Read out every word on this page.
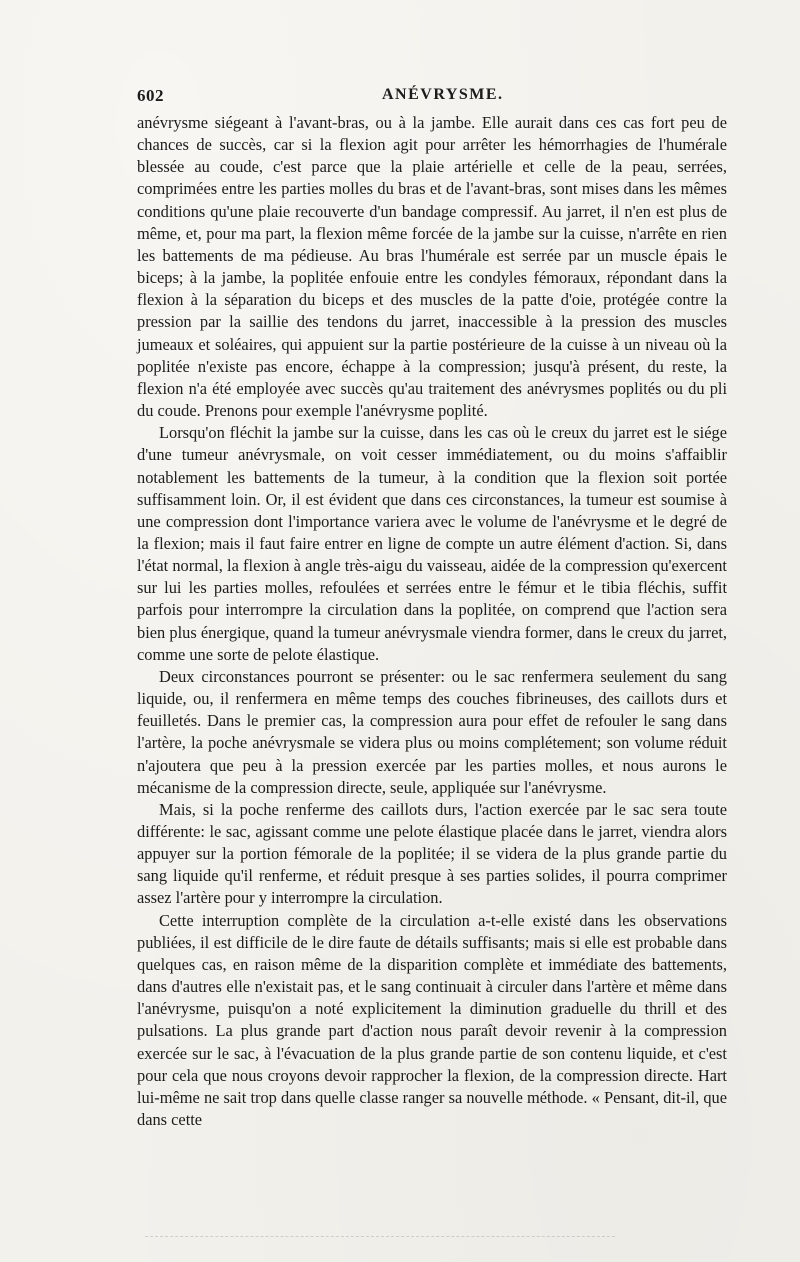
602	ANÉVRYSME.

anévrysme siégeant à l'avant-bras, ou à la jambe. Elle aurait dans ces cas fort peu de chances de succès, car si la flexion agit pour arrêter les hémorrhagies de l'humérale blessée au coude, c'est parce que la plaie artérielle et celle de la peau, serrées, comprimées entre les parties molles du bras et de l'avant-bras, sont mises dans les mêmes conditions qu'une plaie recouverte d'un bandage compressif. Au jarret, il n'en est plus de même, et, pour ma part, la flexion même forcée de la jambe sur la cuisse, n'arrête en rien les battements de ma pédieuse. Au bras l'humérale est serrée par un muscle épais le biceps; à la jambe, la poplitée enfouie entre les condyles fémoraux, répondant dans la flexion à la séparation du biceps et des muscles de la patte d'oie, protégée contre la pression par la saillie des tendons du jarret, inaccessible à la pression des muscles jumeaux et soléaires, qui appuient sur la partie postérieure de la cuisse à un niveau où la poplitée n'existe pas encore, échappe à la compression; jusqu'à présent, du reste, la flexion n'a été employée avec succès qu'au traitement des anévrysmes poplités ou du pli du coude. Prenons pour exemple l'anévrysme poplité.

Lorsqu'on fléchit la jambe sur la cuisse, dans les cas où le creux du jarret est le siége d'une tumeur anévrysmale, on voit cesser immédiatement, ou du moins s'affaiblir notablement les battements de la tumeur, à la condition que la flexion soit portée suffisamment loin. Or, il est évident que dans ces circonstances, la tumeur est soumise à une compression dont l'importance variera avec le volume de l'anévrysme et le degré de la flexion; mais il faut faire entrer en ligne de compte un autre élément d'action. Si, dans l'état normal, la flexion à angle très-aigu du vaisseau, aidée de la compression qu'exercent sur lui les parties molles, refoulées et serrées entre le fémur et le tibia fléchis, suffit parfois pour interrompre la circulation dans la poplitée, on comprend que l'action sera bien plus énergique, quand la tumeur anévrysmale viendra former, dans le creux du jarret, comme une sorte de pelote élastique.

Deux circonstances pourront se présenter: ou le sac renfermera seulement du sang liquide, ou, il renfermera en même temps des couches fibrineuses, des caillots durs et feuilletés. Dans le premier cas, la compression aura pour effet de refouler le sang dans l'artère, la poche anévrysmale se videra plus ou moins complétement; son volume réduit n'ajoutera que peu à la pression exercée par les parties molles, et nous aurons le mécanisme de la compression directe, seule, appliquée sur l'anévrysme.

Mais, si la poche renferme des caillots durs, l'action exercée par le sac sera toute différente: le sac, agissant comme une pelote élastique placée dans le jarret, viendra alors appuyer sur la portion fémorale de la poplitée; il se videra de la plus grande partie du sang liquide qu'il renferme, et réduit presque à ses parties solides, il pourra comprimer assez l'artère pour y interrompre la circulation.

Cette interruption complète de la circulation a-t-elle existé dans les observations publiées, il est difficile de le dire faute de détails suffisants; mais si elle est probable dans quelques cas, en raison même de la disparition complète et immédiate des battements, dans d'autres elle n'existait pas, et le sang continuait à circuler dans l'artère et même dans l'anévrysme, puisqu'on a noté explicitement la diminution graduelle du thrill et des pulsations. La plus grande part d'action nous paraît devoir revenir à la compression exercée sur le sac, à l'évacuation de la plus grande partie de son contenu liquide, et c'est pour cela que nous croyons devoir rapprocher la flexion, de la compression directe. Hart lui-même ne sait trop dans quelle classe ranger sa nouvelle méthode. « Pensant, dit-il, que dans cette
